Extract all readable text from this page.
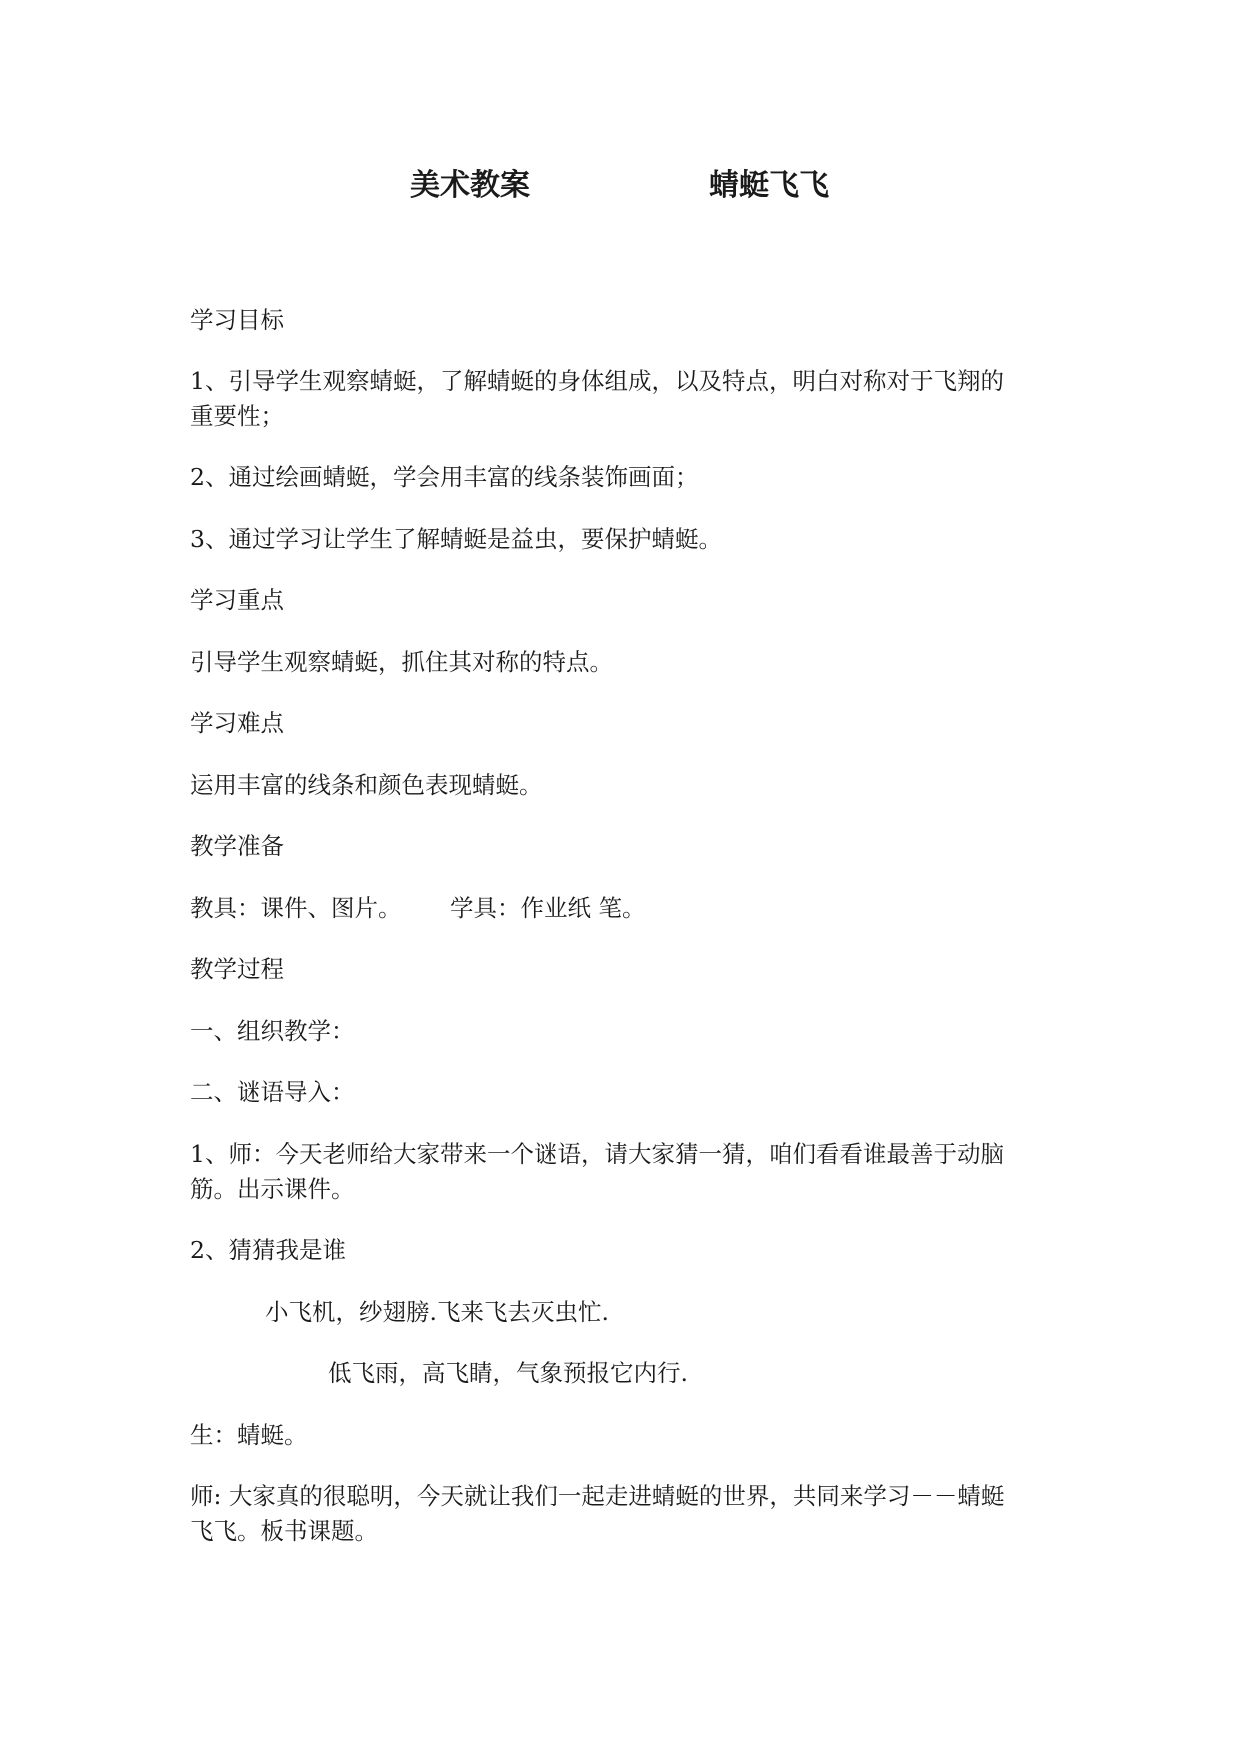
美术教案	蜻蜓飞飞
学习目标
1、引导学生观察蜻蜓，了解蜻蜓的身体组成，以及特点，明白对称对于飞翔的
重要性；
2、通过绘画蜻蜓，学会用丰富的线条装饰画面；
3、通过学习让学生了解蜻蜓是益虫，要保护蜻蜓。
学习重点
引导学生观察蜻蜓，抓住其对称的特点。
学习难点
运用丰富的线条和颜色表现蜻蜓。
教学准备
教具：课件、图片。	学具：作业纸 笔。
教学过程
一、组织教学：
二、谜语导入：
1、师：今天老师给大家带来一个谜语，请大家猜一猜，咱们看看谁最善于动脑
筋。出示课件。
2、猜猜我是谁
小飞机，纱翅膀.飞来飞去灭虫忙.
低飞雨，高飞睛，气象预报它内行.
生：蜻蜓。
师: 大家真的很聪明，今天就让我们一起走进蜻蜓的世界，共同来学习－－蜻蜓
飞飞。板书课题。
